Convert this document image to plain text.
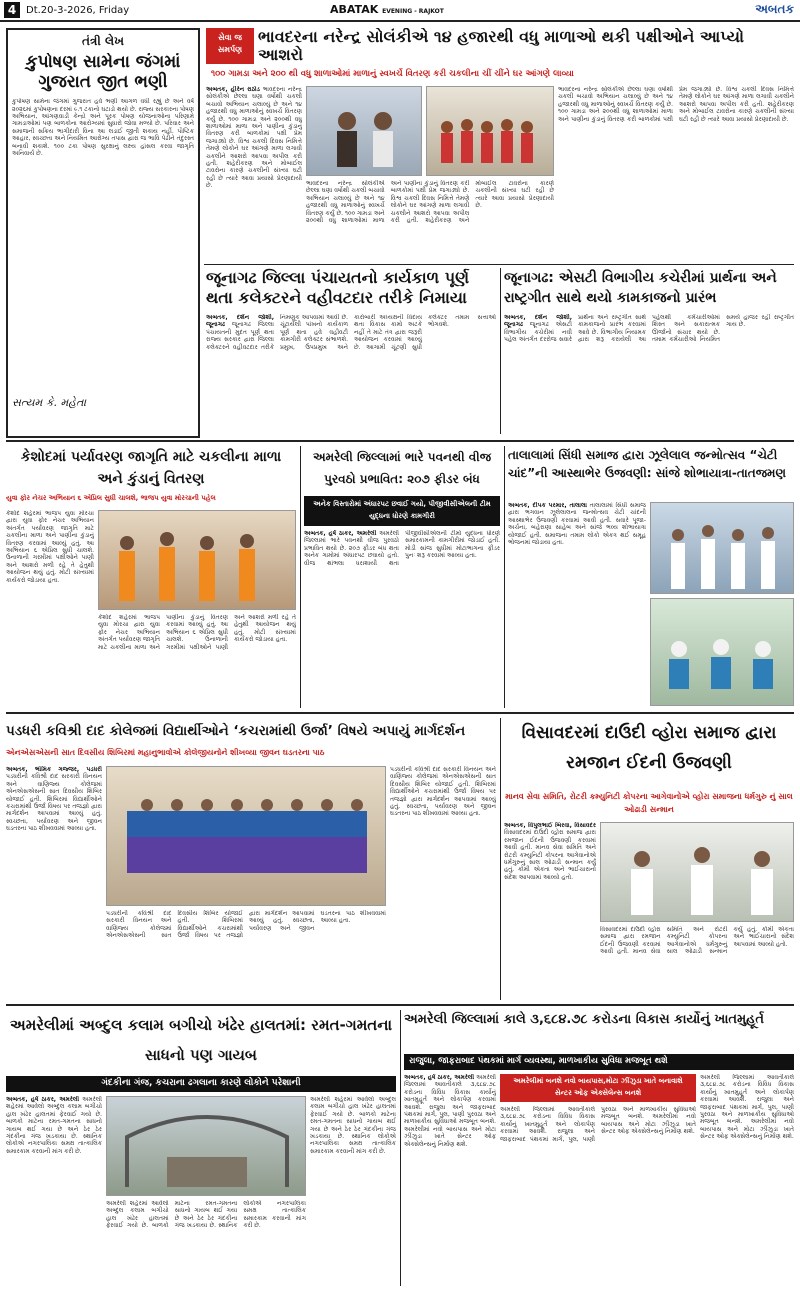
4 Dt.20-3-2026, Friday	ABATAK EVENING - RAJKOT	અબતક
તંત્રી લેખ
કુપોષણ સામેના જંગમાં ગુજરાત જીત ભણી
કુપોષણ સામેના જંગમાં ગુજરાત હવે ભણી આગળ વધી રહ્યું છે અને વર્ષ ૨૦૨૬માં કુપોષણના દરમાં ૯.૧ ટકાનો ઘટાડો થયો છે. રાજ્ય સરકારના પોષણ અભિયાન, આંગણવાડી કેન્દ્રો અને પૂરક પોષણ યોજનાઓના પરિણામે ગામડાઓમાં પણ બાળકોના આરોગ્યમાં સુધારો જોવા મળ્યો છે. પરિવાર અને સમાજની સક્રિય ભાગીદારી વિના આ લડાઈ જીતી શકાય નહીં. પૌષ્ટિક આહાર, સ્વચ્છતા અને નિયમિત આરોગ્ય તપાસ દ્વારા જ ભાવિ પેઢીને તંદુરસ્ત બનાવી શકાશે. ૧૦૦ ટકા પોષણ સુરક્ષાનું લક્ષ્ય હાંસલ કરવા જાગૃતિ અનિવાર્ય છે.
સત્યમ કે. મહેતા
સેવા જ સમર્પણ
ભાવદરના નરેન્દ્ર સોલંકીએ ૧૪ હજારથી વધુ માળાઓ થકી પક્ષીઓને આપ્યો આશરો
૧૦૦ ગામડા અને ૨૦૦ થી વધુ શાળાઓમાં માળાનું સ્વખર્ચે વિતરણ કરી ચકલીના ચીં ચીંને ઘર આંગણે લાવ્યા
અબતક, હીરેન રાઠોડ ભાવદરના નરેન્દ્ર સોલંકીએ છેલ્લા ઘણા વર્ષોથી ચકલી બચાવો અભિયાન ચલાવ્યું છે અને ૧૪ હજારથી વધુ માળાઓનું સ્વખર્ચે વિતરણ કર્યું છે. ૧૦૦ ગામડા અને ૨૦૦થી વધુ શાળાઓમાં માળા અને પાણીના કુંડાનું વિતરણ કરી બાળકોમાં પક્ષી પ્રેમ જગાડ્યો છે. વિશ્વ ચકલી દિવસ નિમિત્તે તેમણે લોકોને ઘર આંગણે માળા લગાવી ચકલીને આશરો આપવા અપીલ કરી હતી. શહેરીકરણ અને મોબાઈલ ટાવરોના કારણે ચકલીની સંખ્યા ઘટી રહી છે ત્યારે આવા પ્રયાસો પ્રેરણાદાયી છે.	ભાવદરના નરેન્દ્ર સોલંકીએ છેલ્લા ઘણા વર્ષોથી ચકલી બચાવો અભિયાન ચલાવ્યું છે અને ૧૪ હજારથી વધુ માળાઓનું સ્વખર્ચે વિતરણ કર્યું છે. ૧૦૦ ગામડા અને ૨૦૦થી વધુ શાળાઓમાં માળા અને પાણીના કુંડાનું વિતરણ કરી બાળકોમાં પક્ષી પ્રેમ જગાડ્યો છે. વિશ્વ ચકલી દિવસ નિમિત્તે તેમણે લોકોને ઘર આંગણે માળા લગાવી ચકલીને આશરો આપવા અપીલ કરી હતી. શહેરીકરણ અને મોબાઈલ ટાવરોના કારણે ચકલીની સંખ્યા ઘટી રહી છે ત્યારે આવા પ્રયાસો પ્રેરણાદાયી છે.
ભાવદરના નરેન્દ્ર સોલંકીએ છેલ્લા ઘણા વર્ષોથી ચકલી બચાવો અભિયાન ચલાવ્યું છે અને ૧૪ હજારથી વધુ માળાઓનું સ્વખર્ચે વિતરણ કર્યું છે. ૧૦૦ ગામડા અને ૨૦૦થી વધુ શાળાઓમાં માળા અને પાણીના કુંડાનું વિતરણ કરી બાળકોમાં પક્ષી પ્રેમ જગાડ્યો છે. વિશ્વ ચકલી દિવસ નિમિત્તે તેમણે લોકોને ઘર આંગણે માળા લગાવી ચકલીને આશરો આપવા અપીલ કરી હતી. શહેરીકરણ અને મોબાઈલ ટાવરોના કારણે ચકલીની સંખ્યા ઘટી રહી છે ત્યારે આવા પ્રયાસો પ્રેરણાદાયી છે.
જૂનાગઢ જિલ્લા પંચાયતનો કાર્યકાળ પૂર્ણ થતા કલેક્ટરને વહીવટદાર તરીકે નિમાયા
અબતક, દર્શન જોશી, જૂનાગઢ જૂનાગઢ જિલ્લા પંચાયતની મુદત પૂર્ણ થતા રાજ્ય સરકાર દ્વારા જિલ્લા કલેક્ટરને વહીવટદાર તરીકે નિમણૂક આપવામાં આવી છે. ચૂંટાયેલી પાંખનો કાર્યકાળ પૂર્ણ થતા હવે વહીવટી કામગીરી કલેક્ટર સંભાળશે. પ્રમુખ, ઉપપ્રમુખ અને કારોબારી અધ્યક્ષની વિદાય થતા વિકાસ કામો અટકે નહીં તે માટે તંત્ર દ્વારા જરૂરી આયોજન કરવામાં આવ્યું છે. આગામી ચૂંટણી સુધી કલેક્ટર તમામ સત્તાઓ ભોગવશે.
જૂનાગઢ: એસટી વિભાગીય કચેરીમાં પ્રાર્થના અને રાષ્ટ્રગીત સાથે થયો કામકાજનો પ્રારંભ
અબતક, દર્શન જોશી, જૂનાગઢ જૂનાગઢ એસટી વિભાગીય કચેરીમાં નવી પહેલ અંતર્ગત દરરોજ સવારે પ્રાર્થના અને રાષ્ટ્રગીત સાથે કામકાજનો પ્રારંભ કરવામાં આવે છે. વિભાગીય નિયામક દ્વારા શરૂ કરાયેલી આ પહેલથી કર્મચારીઓમાં શિસ્ત અને સકારાત્મક ઊર્જાનો સંચાર થયો છે. તમામ કર્મચારીઓ નિયમિત સમયે હાજર રહી રાષ્ટ્રગીત ગાય છે.
કેશોદમાં પર્યાવરણ જાગૃતિ માટે ચકલીના માળા અને કુંડાનું વિતરણ
યુવા ફોર નેચર અભિયાન ૬ એપ્રિલ સુધી ચાલશે, ભાજપ યુવા મોરચાની પહેલ
કેશોદ શહેરમાં ભાજપ યુવા મોરચા દ્વારા યુવા ફોર નેચર અભિયાન અંતર્ગત પર્યાવરણ જાગૃતિ માટે ચકલીના માળા અને પાણીના કુંડાનું વિતરણ કરવામાં આવ્યું હતું. આ અભિયાન ૬ એપ્રિલ સુધી ચાલશે. ઉનાળાની ગરમીમાં પક્ષીઓને પાણી અને આશરો મળી રહે તે હેતુથી આયોજન થયું હતું. મોટી સંખ્યામાં કાર્યકરો જોડાયા હતા.
કેશોદ શહેરમાં ભાજપ યુવા મોરચા દ્વારા યુવા ફોર નેચર અભિયાન અંતર્ગત પર્યાવરણ જાગૃતિ માટે ચકલીના માળા અને પાણીના કુંડાનું વિતરણ કરવામાં આવ્યું હતું. આ અભિયાન ૬ એપ્રિલ સુધી ચાલશે. ઉનાળાની ગરમીમાં પક્ષીઓને પાણી અને આશરો મળી રહે તે હેતુથી આયોજન થયું હતું. મોટી સંખ્યામાં કાર્યકરો જોડાયા હતા.
અમરેલી જિલ્લામાં ભારે પવનથી વીજ પુરવઠો પ્રભાવિત: ૨૦૭ ફીડર બંધ
અનેક વિસ્તારોમાં અંધારપટ છવાઈ ગયો, પીજીવીસીએલની ટીમ યુદ્ધના ધોરણે કામગીરી
અબતક, હર્ષ ઠાકર, અમરેલી અમરેલી જિલ્લામાં ભારે પવનથી વીજ પુરવઠો પ્રભાવિત થયો છે. ૨૦૭ ફીડર બંધ થતા અનેક ગામોમાં અંધારપટ છવાયો હતો. વીજ થાંભલા ધરાશાયી થતા પીજીવીસીએલની ટીમો યુદ્ધના ધોરણે સમારકામની કામગીરીમાં જોડાઈ હતી. મોડી સાંજ સુધીમાં મોટાભાગના ફીડર પુનઃ શરૂ કરવામાં આવ્યા હતા.
તાલાલામાં સિંધી સમાજ દ્વારા ઝૂલેલાલ જન્મોત્સવ “ચેટી ચાંદ”ની આસ્થાભેર ઉજવણી: સાંજે શોભાયાત્રા-તાતજમણ
અબતક, દીપક પરમાર, તાલાલા તાલાલામાં સિંધી સમાજ દ્વારા ભગવાન ઝૂલેલાલના જન્મોત્સવ ચેટી ચાંદની આસ્થાભેર ઉજવણી કરવામાં આવી હતી. સવારે પૂજા-અર્ચના, બહેરાણા સાહેબ અને સાંજે ભવ્ય શોભાયાત્રા યોજાઈ હતી. સમાજના તમામ લોકો એકત્ર થઈ સમૂહ ભોજનમાં જોડાયા હતા.
પડધરી કવિશ્રી દાદ કોલેજમાં વિદ્યાર્થીઓને ‘કચરામાંથી ઉર્જા’ વિષયે અપાયું માર્ગદર્શન
એનએસએસની સાત દિવસીય શિબિરમાં મહાનુભાવોએ કોલેજીયનોને શીખવ્યા જીવન ઘડતરના પાઠ
અબતક, ભૌમિક ગજ્જર, પડધરી પડધરીની કવિશ્રી દાદ સરકારી વિનયન અને વાણિજ્ય કોલેજમાં એનએસએસની સાત દિવસીય શિબિર યોજાઈ હતી. શિબિરમાં વિદ્યાર્થીઓને કચરામાંથી ઉર્જા વિષય પર તજજ્ઞો દ્વારા માર્ગદર્શન આપવામાં આવ્યું હતું. સ્વચ્છતા, પર્યાવરણ અને જીવન ઘડતરના પાઠ શીખવવામાં આવ્યા હતા.
પડધરીની કવિશ્રી દાદ સરકારી વિનયન અને વાણિજ્ય કોલેજમાં એનએસએસની સાત દિવસીય શિબિર યોજાઈ હતી. શિબિરમાં વિદ્યાર્થીઓને કચરામાંથી ઉર્જા વિષય પર તજજ્ઞો દ્વારા માર્ગદર્શન આપવામાં આવ્યું હતું. સ્વચ્છતા, પર્યાવરણ અને જીવન ઘડતરના પાઠ શીખવવામાં આવ્યા હતા.
પડધરીની કવિશ્રી દાદ સરકારી વિનયન અને વાણિજ્ય કોલેજમાં એનએસએસની સાત દિવસીય શિબિર યોજાઈ હતી. શિબિરમાં વિદ્યાર્થીઓને કચરામાંથી ઉર્જા વિષય પર તજજ્ઞો દ્વારા માર્ગદર્શન આપવામાં આવ્યું હતું. સ્વચ્છતા, પર્યાવરણ અને જીવન ઘડતરના પાઠ શીખવવામાં આવ્યા હતા.
વિસાવદરમાં દાઉદી વ્હોરા સમાજ દ્વારા રમજાન ઈદની ઉજવણી
માનવ સેવા સમિતિ, રોટરી કમ્યુનિટી કોપરના આગેવાનોએ વ્હોરા સમાજના ધર્મગુરુ નું સાલ ઓઢાડી સન્માન
અબતક, વિપુલભાઈ બિરવા, વિસાવદર વિસાવદરમાં દાઉદી વ્હોરા સમાજ દ્વારા રમજાન ઈદની ઉજવણી કરવામાં આવી હતી. માનવ સેવા સમિતિ અને રોટરી કમ્યુનિટી કોપરના આગેવાનોએ ધર્મગુરુનું સાલ ઓઢાડી સન્માન કર્યું હતું. કોમી એકતા અને ભાઈચારાનો સંદેશ આપવામાં આવ્યો હતો.
વિસાવદરમાં દાઉદી વ્હોરા સમાજ દ્વારા રમજાન ઈદની ઉજવણી કરવામાં આવી હતી. માનવ સેવા સમિતિ અને રોટરી કમ્યુનિટી કોપરના આગેવાનોએ ધર્મગુરુનું સાલ ઓઢાડી સન્માન કર્યું હતું. કોમી એકતા અને ભાઈચારાનો સંદેશ આપવામાં આવ્યો હતો.
અમરેલીમાં અબ્દુલ કલામ બગીચો ખંઢેર હાલતમાં: રમત-ગમતના સાધનો પણ ગાયબ
ગંદકીના ગંજ, કચરાના ઢગલાના કારણે લોકોને પરેશાની
અબતક, હર્ષ ઠાકર, અમરેલી અમરેલી શહેરમાં આવેલો અબ્દુલ કલામ બગીચો હાલ ખંઢેર હાલતમાં ફેરવાઈ ગયો છે. બાળકો માટેના રમત-ગમતના સાધનો ગાયબ થઈ ગયા છે અને ઠેર ઠેર ગંદકીના ગંજ ખડકાયા છે. સ્થાનિક લોકોએ નગરપાલિકા સમક્ષ તાત્કાલિક સમારકામ કરવાની માંગ કરી છે.
અમરેલી શહેરમાં આવેલો અબ્દુલ કલામ બગીચો હાલ ખંઢેર હાલતમાં ફેરવાઈ ગયો છે. બાળકો માટેના રમત-ગમતના સાધનો ગાયબ થઈ ગયા છે અને ઠેર ઠેર ગંદકીના ગંજ ખડકાયા છે. સ્થાનિક લોકોએ નગરપાલિકા સમક્ષ તાત્કાલિક સમારકામ કરવાની માંગ કરી છે.
અમરેલી શહેરમાં આવેલો અબ્દુલ કલામ બગીચો હાલ ખંઢેર હાલતમાં ફેરવાઈ ગયો છે. બાળકો માટેના રમત-ગમતના સાધનો ગાયબ થઈ ગયા છે અને ઠેર ઠેર ગંદકીના ગંજ ખડકાયા છે. સ્થાનિક લોકોએ નગરપાલિકા સમક્ષ તાત્કાલિક સમારકામ કરવાની માંગ કરી છે.
અમરેલી જિલ્લામાં કાલે ૩,૬૮૪.૭૮ કરોડના વિકાસ કાર્યોનું ખાતમુહૂર્ત
રાજુલા, જાફરાબાદ પંથકમાં માર્ગ વ્યવસ્થા, માળખાકીય સુવિધા મજબૂત થશે
અબતક, હર્ષ ઠાકર, અમરેલી અમરેલી જિલ્લામાં આવતીકાલે ૩,૬૮૪.૭૮ કરોડના વિવિધ વિકાસ કાર્યોનું ખાતમુહૂર્ત અને લોકાર્પણ કરવામાં આવશે. રાજુલા અને જાફરાબાદ પંથકમાં માર્ગ, પુલ, પાણી પુરવઠા અને માળખાકીય સુવિધાઓ મજબૂત બનશે. અમરેલીમાં નવો બાયપાસ અને મોટા ઝીંઝુડા ખાતે સેન્ટર ઓફ એક્સેલેન્સનું નિર્માણ થશે.
અમરેલીમાં બનશે નવો બાયપાસ,મોટા ઝીંઝુડા ખાતે બનાવાશે સેન્ટર ઓફ એક્સેલેન્સ બનશે
અમરેલી જિલ્લામાં આવતીકાલે ૩,૬૮૪.૭૮ કરોડના વિવિધ વિકાસ કાર્યોનું ખાતમુહૂર્ત અને લોકાર્પણ કરવામાં આવશે. રાજુલા અને જાફરાબાદ પંથકમાં માર્ગ, પુલ, પાણી પુરવઠા અને માળખાકીય સુવિધાઓ મજબૂત બનશે. અમરેલીમાં નવો બાયપાસ અને મોટા ઝીંઝુડા ખાતે સેન્ટર ઓફ એક્સેલેન્સનું નિર્માણ થશે.
અમરેલી જિલ્લામાં આવતીકાલે ૩,૬૮૪.૭૮ કરોડના વિવિધ વિકાસ કાર્યોનું ખાતમુહૂર્ત અને લોકાર્પણ કરવામાં આવશે. રાજુલા અને જાફરાબાદ પંથકમાં માર્ગ, પુલ, પાણી પુરવઠા અને માળખાકીય સુવિધાઓ મજબૂત બનશે. અમરેલીમાં નવો બાયપાસ અને મોટા ઝીંઝુડા ખાતે સેન્ટર ઓફ એક્સેલેન્સનું નિર્માણ થશે.
